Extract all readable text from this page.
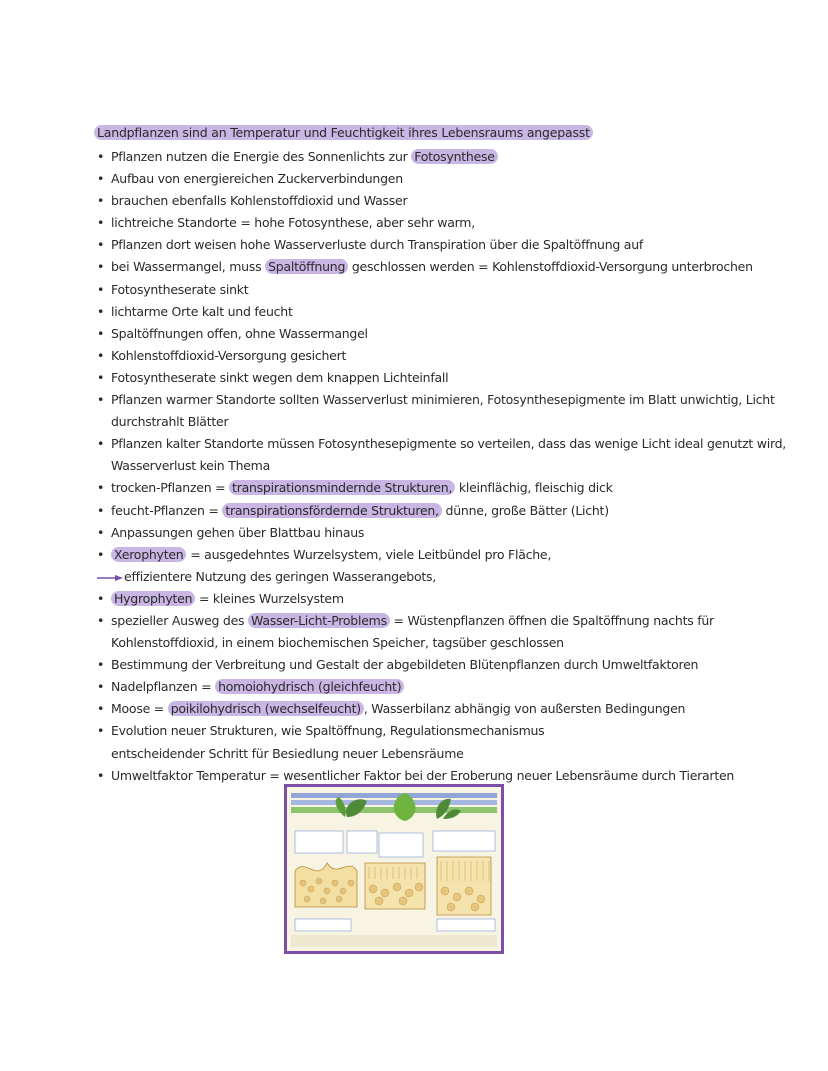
Landpflanzen sind an Temperatur und Feuchtigkeit ihres Lebensraums angepasst
• Pflanzen nutzen die Energie des Sonnenlichts zur Fotosynthese
• Aufbau von energiereichen Zuckerverbindungen
• brauchen ebenfalls Kohlenstoffdioxid und Wasser
• lichtreiche Standorte = hohe Fotosynthese, aber sehr warm,
• Pflanzen dort weisen hohe Wasserverluste durch Transpiration über die Spaltöffnung auf
• bei Wassermangel, muss Spaltöffnung geschlossen werden = Kohlenstoffdioxid-Versorgung unterbrochen
• Fotosyntheserate sinkt
• lichtarme Orte kalt und feucht
• Spaltöffnungen offen, ohne Wassermangel
• Kohlenstoffdioxid-Versorgung gesichert
• Fotosyntheserate sinkt wegen dem knappen Lichteinfall
• Pflanzen warmer Standorte sollten Wasserverlust minimieren, Fotosynthesepigmente im Blatt unwichtig, Licht
durchstrahlt Blätter
• Pflanzen kalter Standorte müssen Fotosynthesepigmente so verteilen, dass das wenige Licht ideal genutzt wird,
Wasserverlust kein Thema
• trocken-Pflanzen = transpirationsmindernde Strukturen, kleinflächig, fleischig dick
• feucht-Pflanzen = transpirationsfördernde Strukturen, dünne, große Bätter (Licht)
• Anpassungen gehen über Blattbau hinaus
• Xerophyten = ausgedehntes Wurzelsystem, viele Leitbündel pro Fläche,
effizientere Nutzung des geringen Wasserangebots,
• Hygrophyten = kleines Wurzelsystem
• spezieller Ausweg des Wasser-Licht-Problems = Wüstenpflanzen öffnen die Spaltöffnung nachts für
Kohlenstoffdioxid, in einem biochemischen Speicher, tagsüber geschlossen
• Bestimmung der Verbreitung und Gestalt der abgebildeten Blütenpflanzen durch Umweltfaktoren
• Nadelpflanzen = homoiohydrisch (gleichfeucht)
• Moose = poikilohydrisch (wechselfeucht) , Wasserbilanz abhängig von außersten Bedingungen
• Evolution neuer Strukturen, wie Spaltöffnung, Regulationsmechanismus
entscheidender Schritt für Besiedlung neuer Lebensräume
• Umweltfaktor Temperatur = wesentlicher Faktor bei der Eroberung neuer Lebensräume durch Tierarten
